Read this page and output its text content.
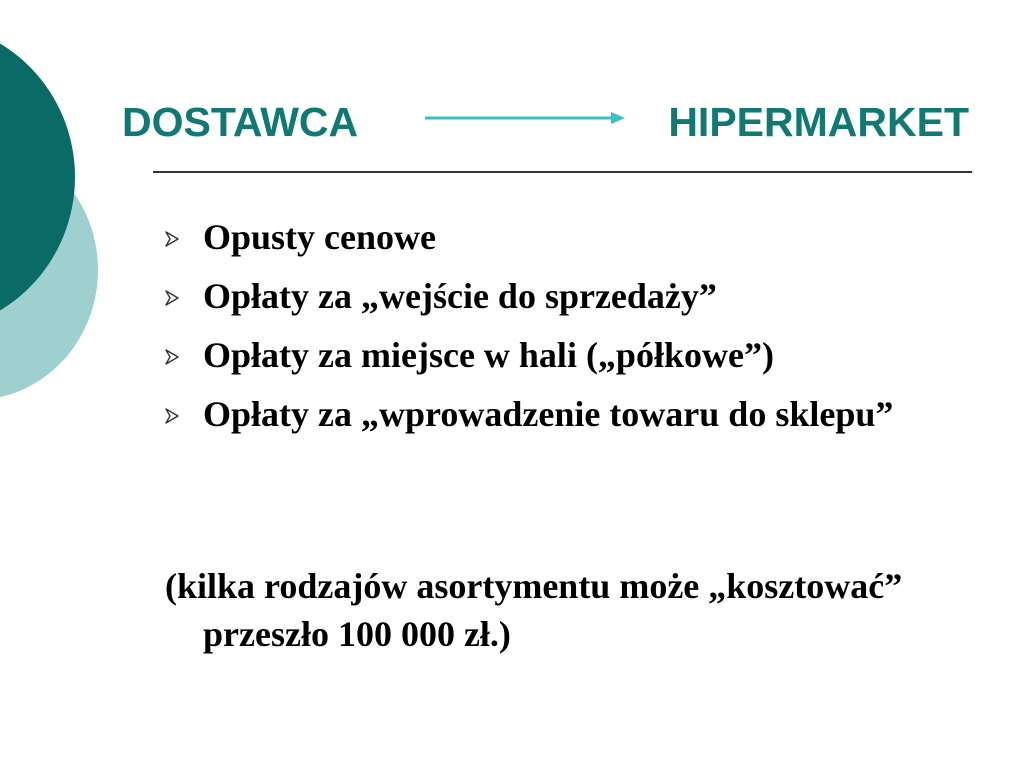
DOSTAWCA	HIPERMARKET
Opusty cenowe
Opłaty za „wejście do sprzedaży”
Opłaty za miejsce w hali („półkowe”)
Opłaty za „wprowadzenie towaru do sklepu”

(kilka rodzajów asortymentu może „kosztować” przeszło 100 000 zł.)
